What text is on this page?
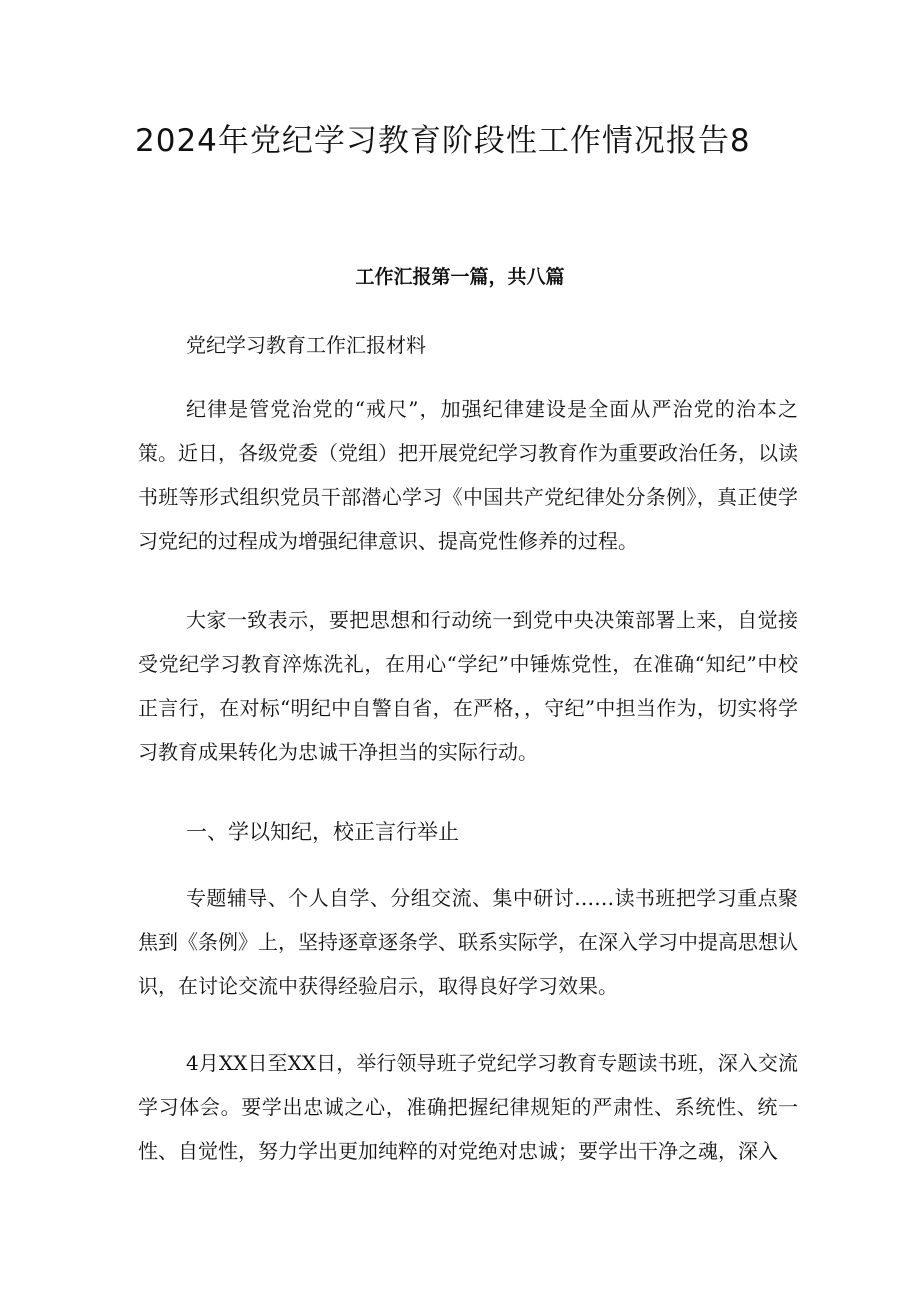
2024年党纪学习教育阶段性工作情况报告8
工作汇报第一篇，共八篇

党纪学习教育工作汇报材料

纪律是管党治党的“戒尺”，加强纪律建设是全面从严治党的治本之策。近日，各级党委（党组）把开展党纪学习教育作为重要政治任务，以读书班等形式组织党员干部潜心学习《中国共产党纪律处分条例》，真正使学习党纪的过程成为增强纪律意识、提高党性修养的过程。

大家一致表示，要把思想和行动统一到党中央决策部署上来，自觉接受党纪学习教育淬炼洗礼，在用心“学纪”中锤炼党性，在准确“知纪”中校正言行，在对标“明纪中自警自省，在严格，，守纪”中担当作为，切实将学习教育成果转化为忠诚干净担当的实际行动。

一、学以知纪，校正言行举止

专题辅导、个人自学、分组交流、集中研讨……读书班把学习重点聚焦到《条例》上，坚持逐章逐条学、联系实际学，在深入学习中提高思想认识，在讨论交流中获得经验启示，取得良好学习效果。

4月XX日至XX日，举行领导班子党纪学习教育专题读书班，深入交流学习体会。要学出忠诚之心，准确把握纪律规矩的严肃性、系统性、统一性、自觉性，努力学出更加纯粹的对党绝对忠诚；要学出干净之魂，深入
